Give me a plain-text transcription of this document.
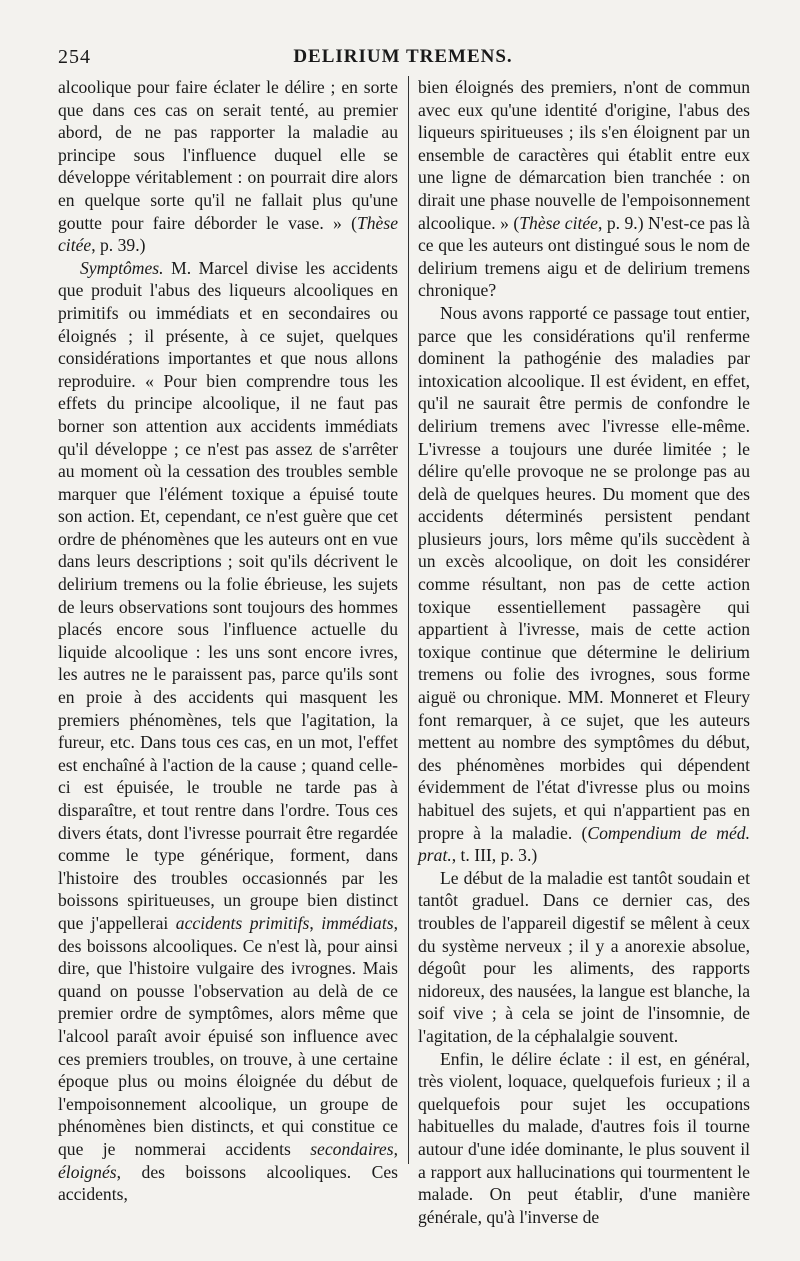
254	DELIRIUM TREMENS.

alcoolique pour faire éclater le délire ; en sorte que dans ces cas on serait tenté, au premier abord, de ne pas rapporter la maladie au principe sous l'influence duquel elle se développe véritablement : on pourrait dire alors en quelque sorte qu'il ne fallait plus qu'une goutte pour faire déborder le vase. » (Thèse citée, p. 39.)

Symptômes. M. Marcel divise les accidents que produit l'abus des liqueurs alcooliques en primitifs ou immédiats et en secondaires ou éloignés ; il présente, à ce sujet, quelques considérations importantes et que nous allons reproduire. « Pour bien comprendre tous les effets du principe alcoolique, il ne faut pas borner son attention aux accidents immédiats qu'il développe ; ce n'est pas assez de s'arrêter au moment où la cessation des troubles semble marquer que l'élément toxique a épuisé toute son action. Et, cependant, ce n'est guère que cet ordre de phénomènes que les auteurs ont en vue dans leurs descriptions ; soit qu'ils décrivent le delirium tremens ou la folie ébrieuse, les sujets de leurs observations sont toujours des hommes placés encore sous l'influence actuelle du liquide alcoolique : les uns sont encore ivres, les autres ne le paraissent pas, parce qu'ils sont en proie à des accidents qui masquent les premiers phénomènes, tels que l'agitation, la fureur, etc. Dans tous ces cas, en un mot, l'effet est enchaîné à l'action de la cause ; quand celle-ci est épuisée, le trouble ne tarde pas à disparaître, et tout rentre dans l'ordre. Tous ces divers états, dont l'ivresse pourrait être regardée comme le type générique, forment, dans l'histoire des troubles occasionnés par les boissons spiritueuses, un groupe bien distinct que j'appellerai accidents primitifs, immédiats, des boissons alcooliques. Ce n'est là, pour ainsi dire, que l'histoire vulgaire des ivrognes. Mais quand on pousse l'observation au delà de ce premier ordre de symptômes, alors même que l'alcool paraît avoir épuisé son influence avec ces premiers troubles, on trouve, à une certaine époque plus ou moins éloignée du début de l'empoisonnement alcoolique, un groupe de phénomènes bien distincts, et qui constitue ce que je nommerai accidents secondaires, éloignés, des boissons alcooliques. Ces accidents,

bien éloignés des premiers, n'ont de commun avec eux qu'une identité d'origine, l'abus des liqueurs spiritueuses ; ils s'en éloignent par un ensemble de caractères qui établit entre eux une ligne de démarcation bien tranchée : on dirait une phase nouvelle de l'empoisonnement alcoolique. » (Thèse citée, p. 9.) N'est-ce pas là ce que les auteurs ont distingué sous le nom de delirium tremens aigu et de delirium tremens chronique?

Nous avons rapporté ce passage tout entier, parce que les considérations qu'il renferme dominent la pathogénie des maladies par intoxication alcoolique. Il est évident, en effet, qu'il ne saurait être permis de confondre le delirium tremens avec l'ivresse elle-même. L'ivresse a toujours une durée limitée ; le délire qu'elle provoque ne se prolonge pas au delà de quelques heures. Du moment que des accidents déterminés persistent pendant plusieurs jours, lors même qu'ils succèdent à un excès alcoolique, on doit les considérer comme résultant, non pas de cette action toxique essentiellement passagère qui appartient à l'ivresse, mais de cette action toxique continue que détermine le delirium tremens ou folie des ivrognes, sous forme aiguë ou chronique. MM. Monneret et Fleury font remarquer, à ce sujet, que les auteurs mettent au nombre des symptômes du début, des phénomènes morbides qui dépendent évidemment de l'état d'ivresse plus ou moins habituel des sujets, et qui n'appartient pas en propre à la maladie. (Compendium de méd. prat., t. III, p. 3.)

Le début de la maladie est tantôt soudain et tantôt graduel. Dans ce dernier cas, des troubles de l'appareil digestif se mêlent à ceux du système nerveux ; il y a anorexie absolue, dégoût pour les aliments, des rapports nidoreux, des nausées, la langue est blanche, la soif vive ; à cela se joint de l'insomnie, de l'agitation, de la céphalalgie souvent.

Enfin, le délire éclate : il est, en général, très violent, loquace, quelquefois furieux ; il a quelquefois pour sujet les occupations habituelles du malade, d'autres fois il tourne autour d'une idée dominante, le plus souvent il a rapport aux hallucinations qui tourmentent le malade. On peut établir, d'une manière générale, qu'à l'inverse de
